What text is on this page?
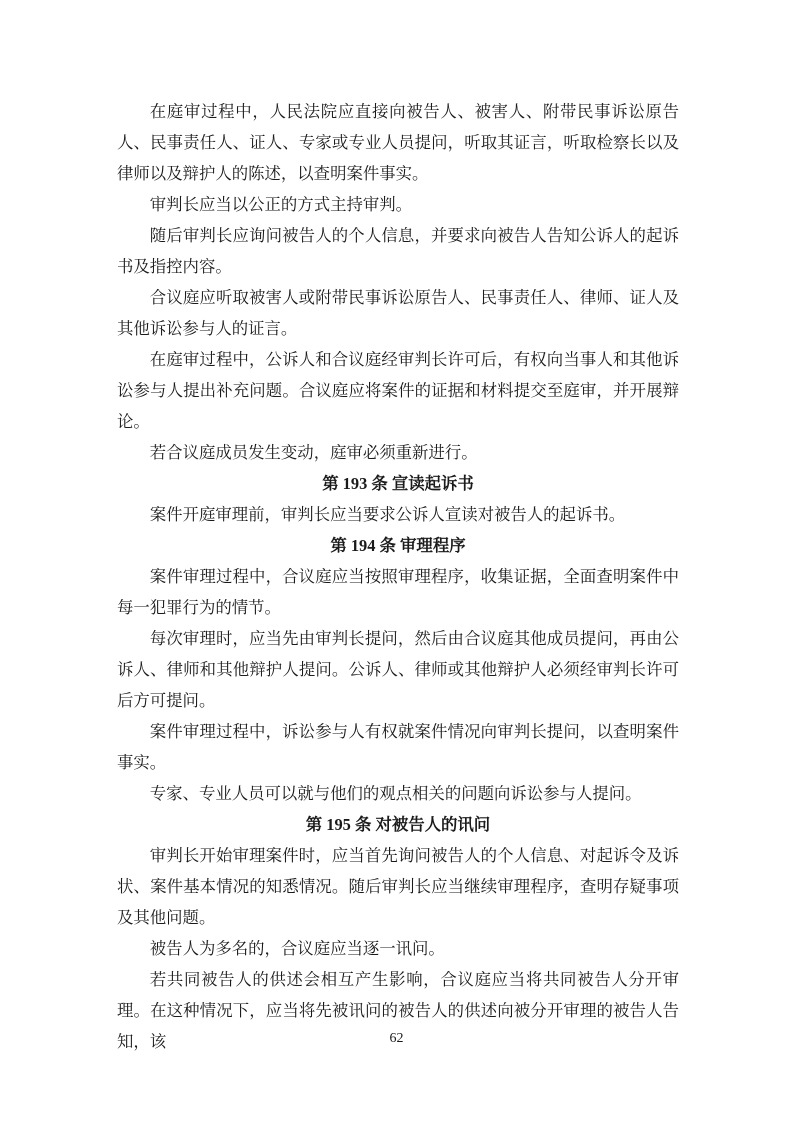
在庭审过程中，人民法院应直接向被告人、被害人、附带民事诉讼原告人、民事责任人、证人、专家或专业人员提问，听取其证言，听取检察长以及律师以及辩护人的陈述，以查明案件事实。

审判长应当以公正的方式主持审判。

随后审判长应询问被告人的个人信息，并要求向被告人告知公诉人的起诉书及指控内容。

合议庭应听取被害人或附带民事诉讼原告人、民事责任人、律师、证人及其他诉讼参与人的证言。

在庭审过程中，公诉人和合议庭经审判长许可后，有权向当事人和其他诉讼参与人提出补充问题。合议庭应将案件的证据和材料提交至庭审，并开展辩论。

若合议庭成员发生变动，庭审必须重新进行。

第 193 条 宣读起诉书

案件开庭审理前，审判长应当要求公诉人宣读对被告人的起诉书。

第 194 条 审理程序

案件审理过程中，合议庭应当按照审理程序，收集证据，全面查明案件中每一犯罪行为的情节。

每次审理时，应当先由审判长提问，然后由合议庭其他成员提问，再由公诉人、律师和其他辩护人提问。公诉人、律师或其他辩护人必须经审判长许可后方可提问。

案件审理过程中，诉讼参与人有权就案件情况向审判长提问，以查明案件事实。

专家、专业人员可以就与他们的观点相关的问题向诉讼参与人提问。

第 195 条 对被告人的讯问

审判长开始审理案件时，应当首先询问被告人的个人信息、对起诉令及诉状、案件基本情况的知悉情况。随后审判长应当继续审理程序，查明存疑事项及其他问题。

被告人为多名的，合议庭应当逐一讯问。

若共同被告人的供述会相互产生影响，合议庭应当将共同被告人分开审理。在这种情况下，应当将先被讯问的被告人的供述向被分开审理的被告人告知，该	62
